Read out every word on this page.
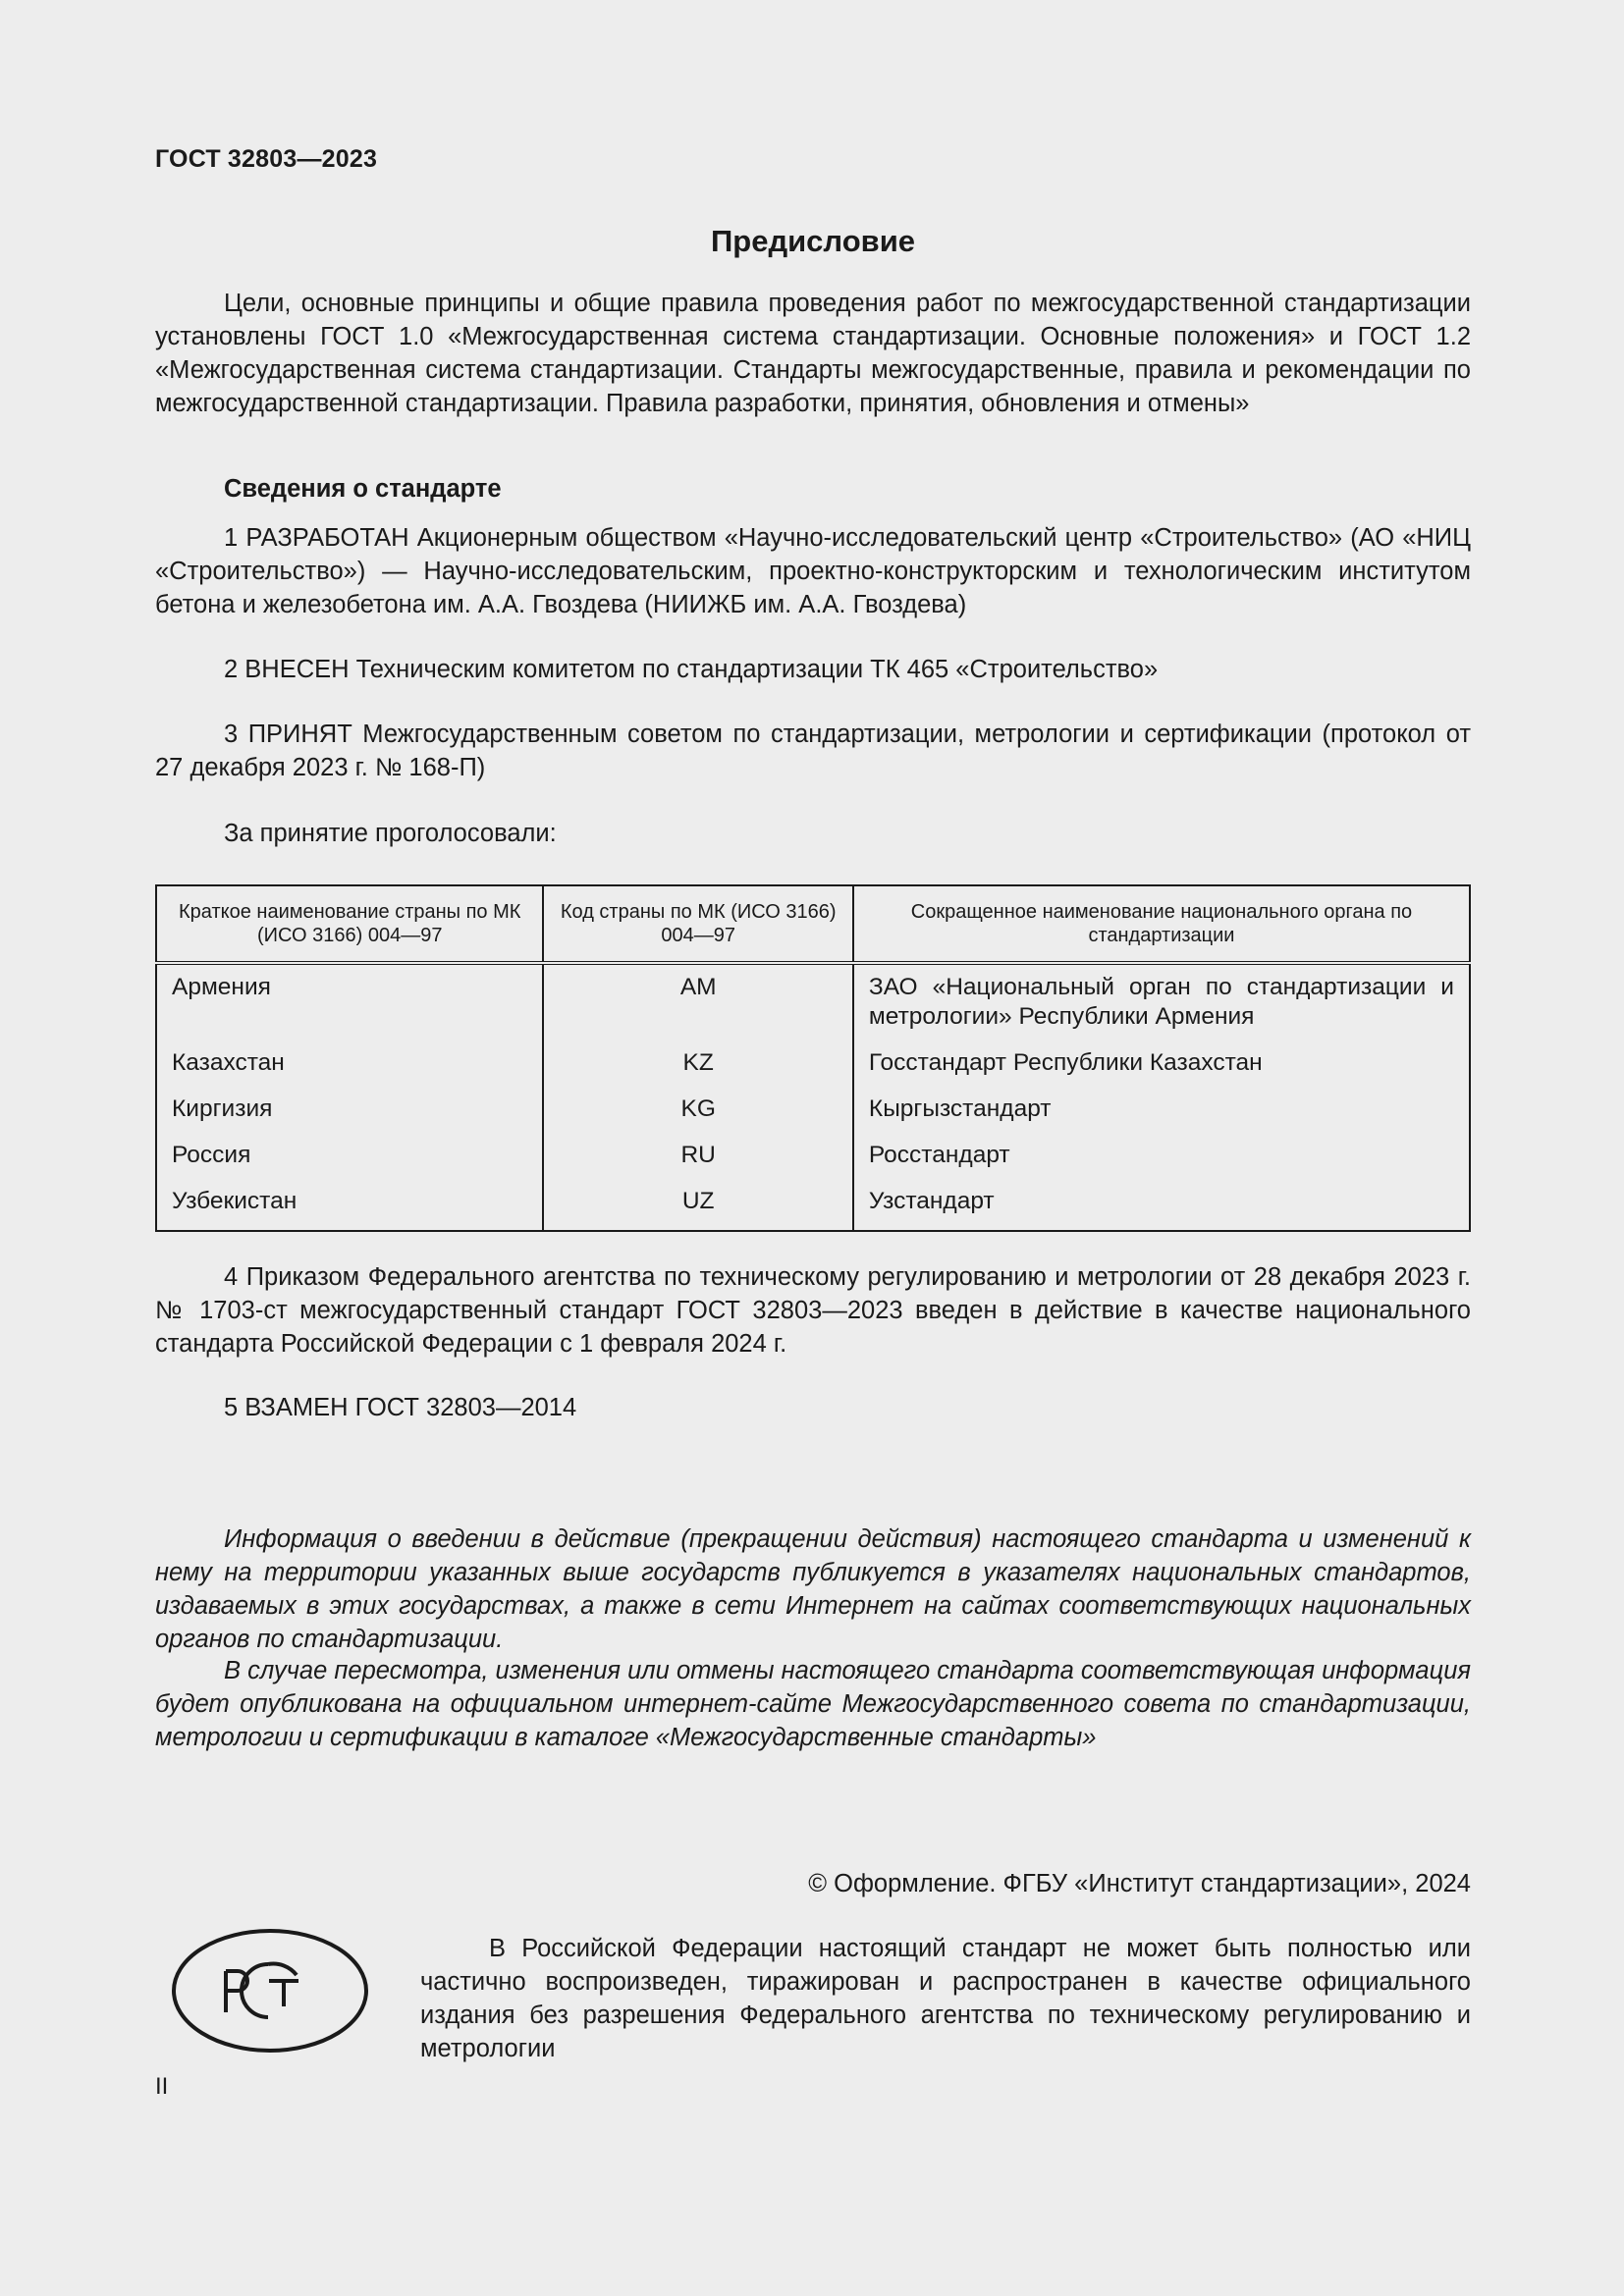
ГОСТ 32803—2023
Предисловие
Цели, основные принципы и общие правила проведения работ по межгосударственной стандартизации установлены ГОСТ 1.0 «Межгосударственная система стандартизации. Основные положения» и ГОСТ 1.2 «Межгосударственная система стандартизации. Стандарты межгосударственные, правила и рекомендации по межгосударственной стандартизации. Правила разработки, принятия, обновления и отмены»
Сведения о стандарте
1 РАЗРАБОТАН Акционерным обществом «Научно-исследовательский центр «Строительство» (АО «НИЦ «Строительство») — Научно-исследовательским, проектно-конструкторским и технологическим институтом бетона и железобетона им. А.А. Гвоздева (НИИЖБ им. А.А. Гвоздева)
2 ВНЕСЕН Техническим комитетом по стандартизации ТК 465 «Строительство»
3 ПРИНЯТ Межгосударственным советом по стандартизации, метрологии и сертификации (протокол от 27 декабря 2023 г. № 168-П)
За принятие проголосовали:
Краткое наименование страны по МК (ИСО 3166) 004—97	Код страны по МК (ИСО 3166) 004—97	Сокращенное наименование национального органа по стандартизации
Армения	AM	ЗАО «Национальный орган по стандартизации и метрологии» Республики Армения
Казахстан	KZ	Госстандарт Республики Казахстан
Киргизия	KG	Кыргызстандарт
Россия	RU	Росстандарт
Узбекистан	UZ	Узстандарт
4 Приказом Федерального агентства по техническому регулированию и метрологии от 28 декабря 2023 г. № 1703-ст межгосударственный стандарт ГОСТ 32803—2023 введен в действие в качестве национального стандарта Российской Федерации с 1 февраля 2024 г.
5 ВЗАМЕН ГОСТ 32803—2014
Информация о введении в действие (прекращении действия) настоящего стандарта и изменений к нему на территории указанных выше государств публикуется в указателях национальных стандартов, издаваемых в этих государствах, а также в сети Интернет на сайтах соответствующих национальных органов по стандартизации.
В случае пересмотра, изменения или отмены настоящего стандарта соответствующая информация будет опубликована на официальном интернет-сайте Межгосударственного совета по стандартизации, метрологии и сертификации в каталоге «Межгосударственные стандарты»
© Оформление. ФГБУ «Институт стандартизации», 2024
В Российской Федерации настоящий стандарт не может быть полностью или частично воспроизведен, тиражирован и распространен в качестве официального издания без разрешения Федерального агентства по техническому регулированию и метрологии
II
